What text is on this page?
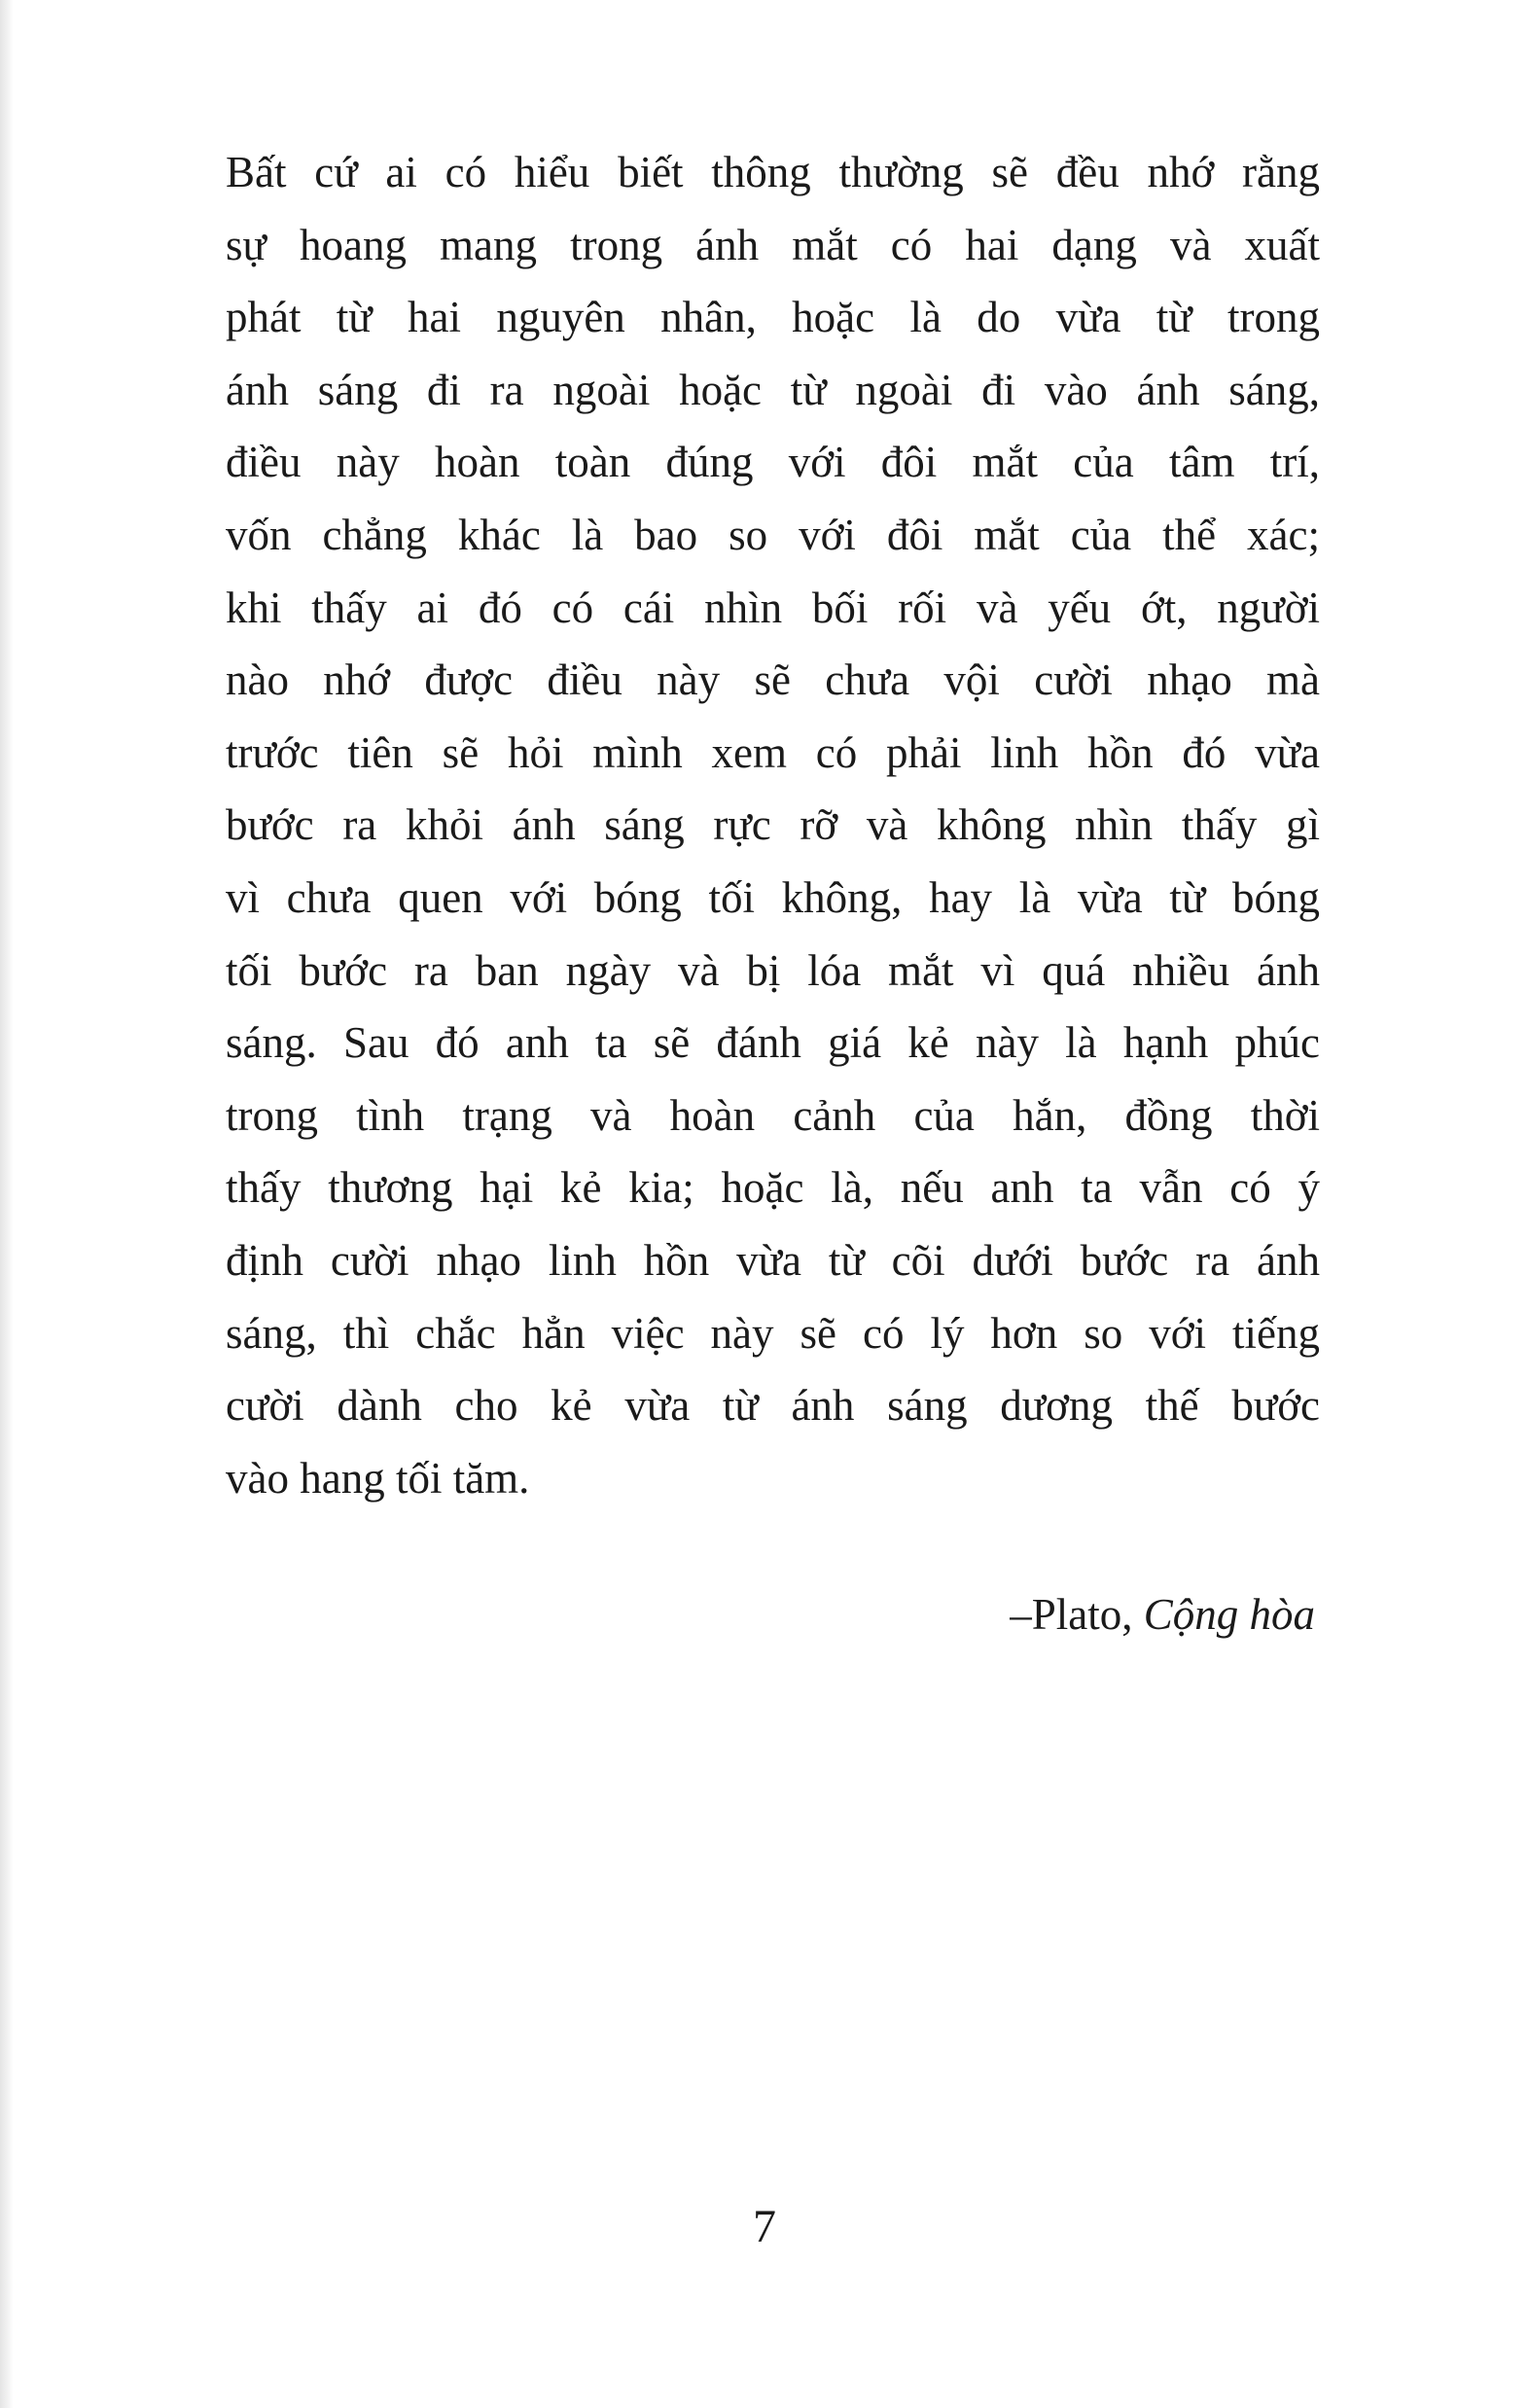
Bất cứ ai có hiểu biết thông thường sẽ đều nhớ rằng
sự hoang mang trong ánh mắt có hai dạng và xuất
phát từ hai nguyên nhân, hoặc là do vừa từ trong
ánh sáng đi ra ngoài hoặc từ ngoài đi vào ánh sáng,
điều này hoàn toàn đúng với đôi mắt của tâm trí,
vốn chẳng khác là bao so với đôi mắt của thể xác;
khi thấy ai đó có cái nhìn bối rối và yếu ớt, người
nào nhớ được điều này sẽ chưa vội cười nhạo mà
trước tiên sẽ hỏi mình xem có phải linh hồn đó vừa
bước ra khỏi ánh sáng rực rỡ và không nhìn thấy gì
vì chưa quen với bóng tối không, hay là vừa từ bóng
tối bước ra ban ngày và bị lóa mắt vì quá nhiều ánh
sáng. Sau đó anh ta sẽ đánh giá kẻ này là hạnh phúc
trong tình trạng và hoàn cảnh của hắn, đồng thời
thấy thương hại kẻ kia; hoặc là, nếu anh ta vẫn có ý
định cười nhạo linh hồn vừa từ cõi dưới bước ra ánh
sáng, thì chắc hẳn việc này sẽ có lý hơn so với tiếng
cười dành cho kẻ vừa từ ánh sáng dương thế bước
vào hang tối tăm.
–Plato, Cộng hòa
7
